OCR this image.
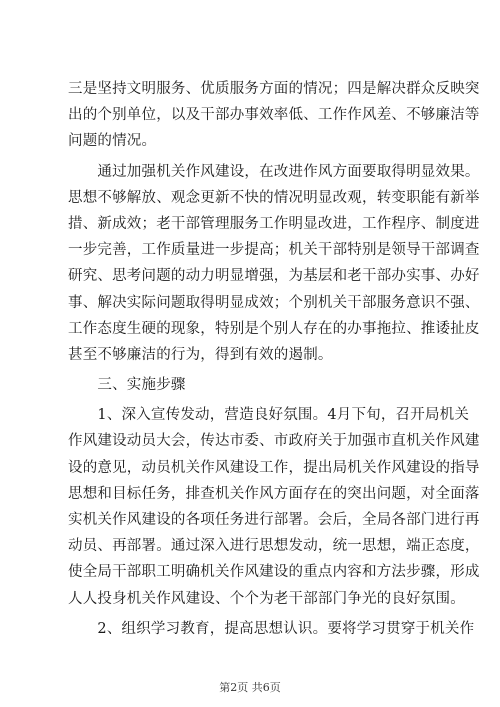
三是坚持文明服务、优质服务方面的情况；四是解决群众反映突
出的个别单位，以及干部办事效率低、工作作风差、不够廉洁等
问题的情况。
　　通过加强机关作风建设，在改进作风方面要取得明显效果。
思想不够解放、观念更新不快的情况明显改观，转变职能有新举
措、新成效；老干部管理服务工作明显改进，工作程序、制度进
一步完善，工作质量进一步提高；机关干部特别是领导干部调查
研究、思考问题的动力明显增强，为基层和老干部办实事、办好
事、解决实际问题取得明显成效；个别机关干部服务意识不强、
工作态度生硬的现象，特别是个别人存在的办事拖拉、推诿扯皮
甚至不够廉洁的行为，得到有效的遏制。
　　三、实施步骤
　　1、深入宣传发动，营造良好氛围。4月下旬，召开局机关
作风建设动员大会，传达市委、市政府关于加强市直机关作风建
设的意见，动员机关作风建设工作，提出局机关作风建设的指导
思想和目标任务，排查机关作风方面存在的突出问题，对全面落
实机关作风建设的各项任务进行部署。会后，全局各部门进行再
动员、再部署。通过深入进行思想发动，统一思想，端正态度，
使全局干部职工明确机关作风建设的重点内容和方法步骤，形成
人人投身机关作风建设、个个为老干部部门争光的良好氛围。
　　2、组织学习教育，提高思想认识。要将学习贯穿于机关作
第2页 共6页
